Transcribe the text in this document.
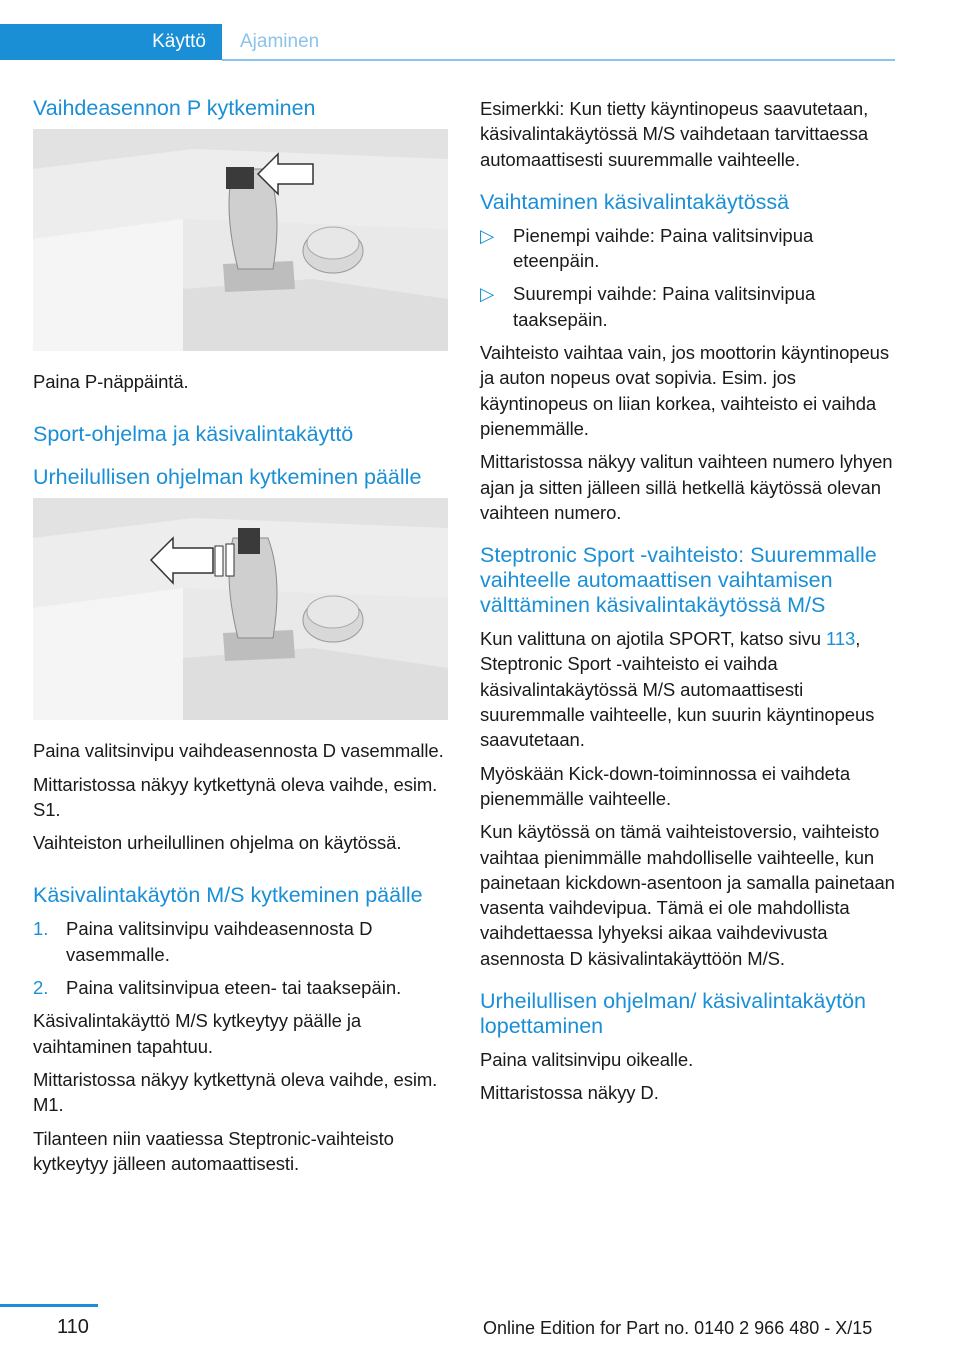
Käyttö	Ajaminen
Vaihdeasennon P kytkeminen

Paina P-näppäintä.

Sport-ohjelma ja käsivalintakäyttö
Urheilullisen ohjelman kytkeminen päälle

Paina valitsinvipu vaihdeasennosta D vasemmalle.

Mittaristossa näkyy kytkettynä oleva vaihde, esim. S1.

Vaihteiston urheilullinen ohjelma on käytössä.

Käsivalintakäytön M/S kytkeminen päälle
1. Paina valitsinvipu vaihdeasennosta D vasemmalle.
2. Paina valitsinvipua eteen- tai taaksepäin.

Käsivalintakäyttö M/S kytkeytyy päälle ja vaihtaminen tapahtuu.

Mittaristossa näkyy kytkettynä oleva vaihde, esim. M1.

Tilanteen niin vaatiessa Steptronic-vaihteisto kytkeytyy jälleen automaattisesti.

Esimerkki: Kun tietty käyntinopeus saavutetaan, käsivalintakäytössä M/S vaihdetaan tarvittaessa automaattisesti suuremmalle vaihteelle.

Vaihtaminen käsivalintakäytössä
▷ Pienempi vaihde: Paina valitsinvipua eteenpäin.
▷ Suurempi vaihde: Paina valitsinvipua taaksepäin.

Vaihteisto vaihtaa vain, jos moottorin käyntinopeus ja auton nopeus ovat sopivia. Esim. jos käyntinopeus on liian korkea, vaihteisto ei vaihda pienemmälle.

Mittaristossa näkyy valitun vaihteen numero lyhyen ajan ja sitten jälleen sillä hetkellä käytössä olevan vaihteen numero.

Steptronic Sport -vaihteisto: Suuremmalle vaihteelle automaattisen vaihtamisen välttäminen käsivalintakäytössä M/S

Kun valittuna on ajotila SPORT, katso sivu 113, Steptronic Sport -vaihteisto ei vaihda käsivalintakäytössä M/S automaattisesti suuremmalle vaihteelle, kun suurin käyntinopeus saavutetaan.

Myöskään Kick-down-toiminnossa ei vaihdeta pienemmälle vaihteelle.

Kun käytössä on tämä vaihteistoversio, vaihteisto vaihtaa pienimmälle mahdolliselle vaihteelle, kun painetaan kickdown-asentoon ja samalla painetaan vasenta vaihdevipua. Tämä ei ole mahdollista vaihdettaessa lyhyeksi aikaa vaihdevivusta asennosta D käsivalintakäyttöön M/S.

Urheilullisen ohjelman/ käsivalintakäytön lopettaminen

Paina valitsinvipu oikealle.

Mittaristossa näkyy D.

110	Online Edition for Part no. 0140 2 966 480 - X/15
